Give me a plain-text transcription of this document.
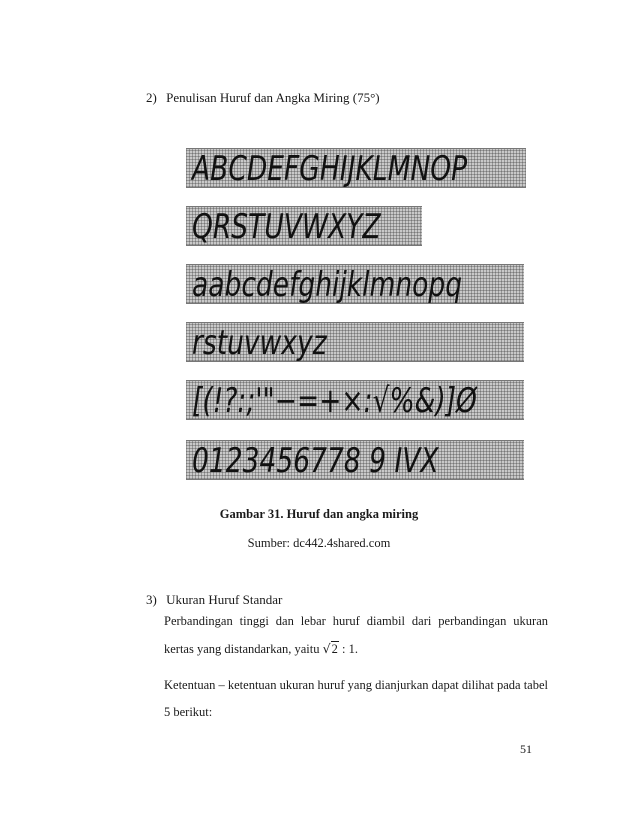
2) Penulisan Huruf dan Angka Miring (75°)
ABCDEFGHIJKLMNOP
QRSTUVWXYZ
aabcdefghijklmnopq
rstuvwxyz
[(!?:;'"−=+×:√%&)]Ø
0123456778 9 IVX
Gambar 31. Huruf dan angka miring
Sumber: dc442.4shared.com
3) Ukuran Huruf Standar
Perbandingan tinggi dan lebar huruf diambil dari perbandingan ukuran kertas yang distandarkan, yaitu √2 : 1.
Ketentuan – ketentuan ukuran huruf yang dianjurkan dapat dilihat pada tabel 5 berikut:
51
